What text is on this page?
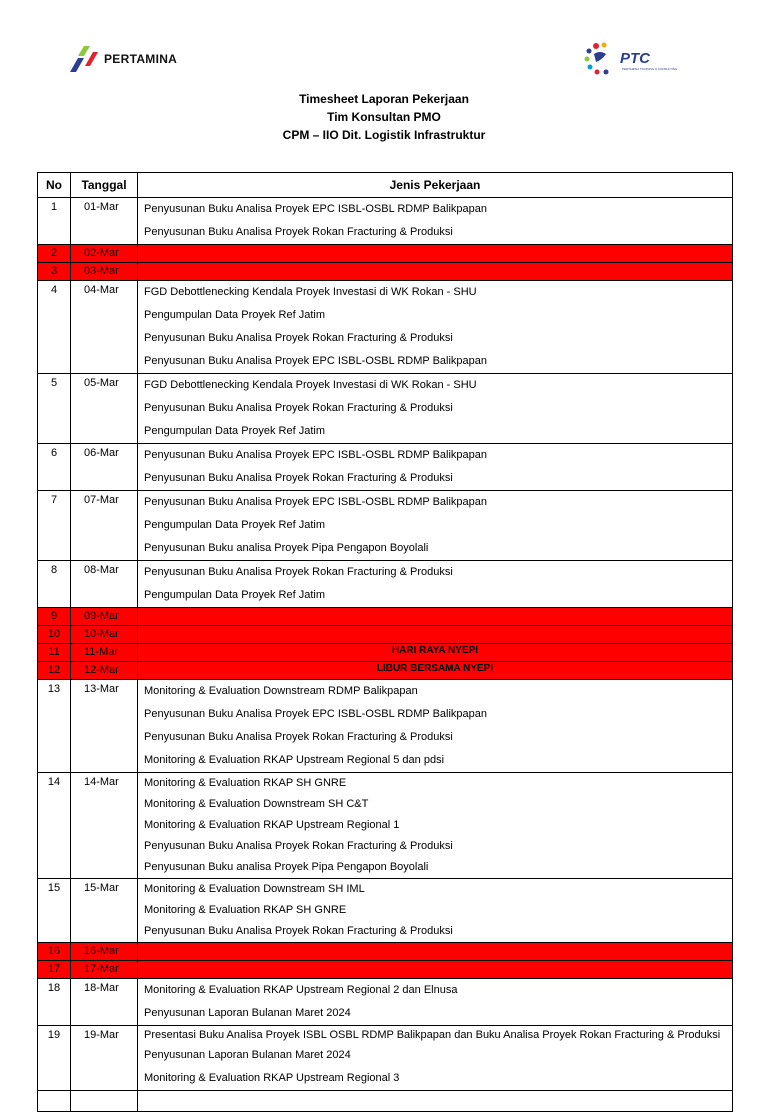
PERTAMINA	PTC
PERTAMINA TRAINING & CONSULTING
Timesheet Laporan Pekerjaan
Tim Konsultan PMO
CPM – IIO Dit. Logistik Infrastruktur
No	Tanggal	Jenis Pekerjaan
1	01-Mar	Penyusunan Buku Analisa Proyek EPC ISBL-OSBL RDMP Balikpapan
Penyusunan Buku Analisa Proyek Rokan Fracturing & Produksi

2	02-Mar	
3	03-Mar	
4	04-Mar	FGD Debottlenecking Kendala Proyek Investasi di WK Rokan - SHU
Pengumpulan Data Proyek Ref Jatim
Penyusunan Buku Analisa Proyek Rokan Fracturing & Produksi
Penyusunan Buku Analisa Proyek EPC ISBL-OSBL RDMP Balikpapan

5	05-Mar	FGD Debottlenecking Kendala Proyek Investasi di WK Rokan - SHU
Penyusunan Buku Analisa Proyek Rokan Fracturing & Produksi
Pengumpulan Data Proyek Ref Jatim

6	06-Mar	Penyusunan Buku Analisa Proyek EPC ISBL-OSBL RDMP Balikpapan
Penyusunan Buku Analisa Proyek Rokan Fracturing & Produksi

7	07-Mar	Penyusunan Buku Analisa Proyek EPC ISBL-OSBL RDMP Balikpapan
Pengumpulan Data Proyek Ref Jatim
Penyusunan Buku analisa Proyek Pipa Pengapon Boyolali

8	08-Mar	Penyusunan Buku Analisa Proyek Rokan Fracturing & Produksi
Pengumpulan Data Proyek Ref Jatim

9	09-Mar	
10	10-Mar	
11	11-Mar	HARI RAYA NYEPI
12	12-Mar	LIBUR BERSAMA NYEPI
13	13-Mar	Monitoring & Evaluation Downstream RDMP Balikpapan
Penyusunan Buku Analisa Proyek EPC ISBL-OSBL RDMP Balikpapan
Penyusunan Buku Analisa Proyek Rokan Fracturing & Produksi
Monitoring & Evaluation RKAP Upstream Regional 5 dan pdsi

14	14-Mar	Monitoring & Evaluation RKAP SH GNRE
Monitoring & Evaluation Downstream SH C&T
Monitoring & Evaluation RKAP Upstream Regional 1
Penyusunan Buku Analisa Proyek Rokan Fracturing & Produksi
Penyusunan Buku analisa Proyek Pipa Pengapon Boyolali

15	15-Mar	Monitoring & Evaluation Downstream SH IML
Monitoring & Evaluation RKAP SH GNRE
Penyusunan Buku Analisa Proyek Rokan Fracturing & Produksi

16	16-Mar	
17	17-Mar	
18	18-Mar	Monitoring & Evaluation RKAP Upstream Regional 2 dan Elnusa
Penyusunan Laporan Bulanan Maret 2024

19	19-Mar	Presentasi Buku Analisa Proyek ISBL OSBL RDMP Balikpapan dan Buku Analisa Proyek Rokan Fracturing & Produksi
Penyusunan Laporan Bulanan Maret 2024
Monitoring & Evaluation RKAP Upstream Regional 3
